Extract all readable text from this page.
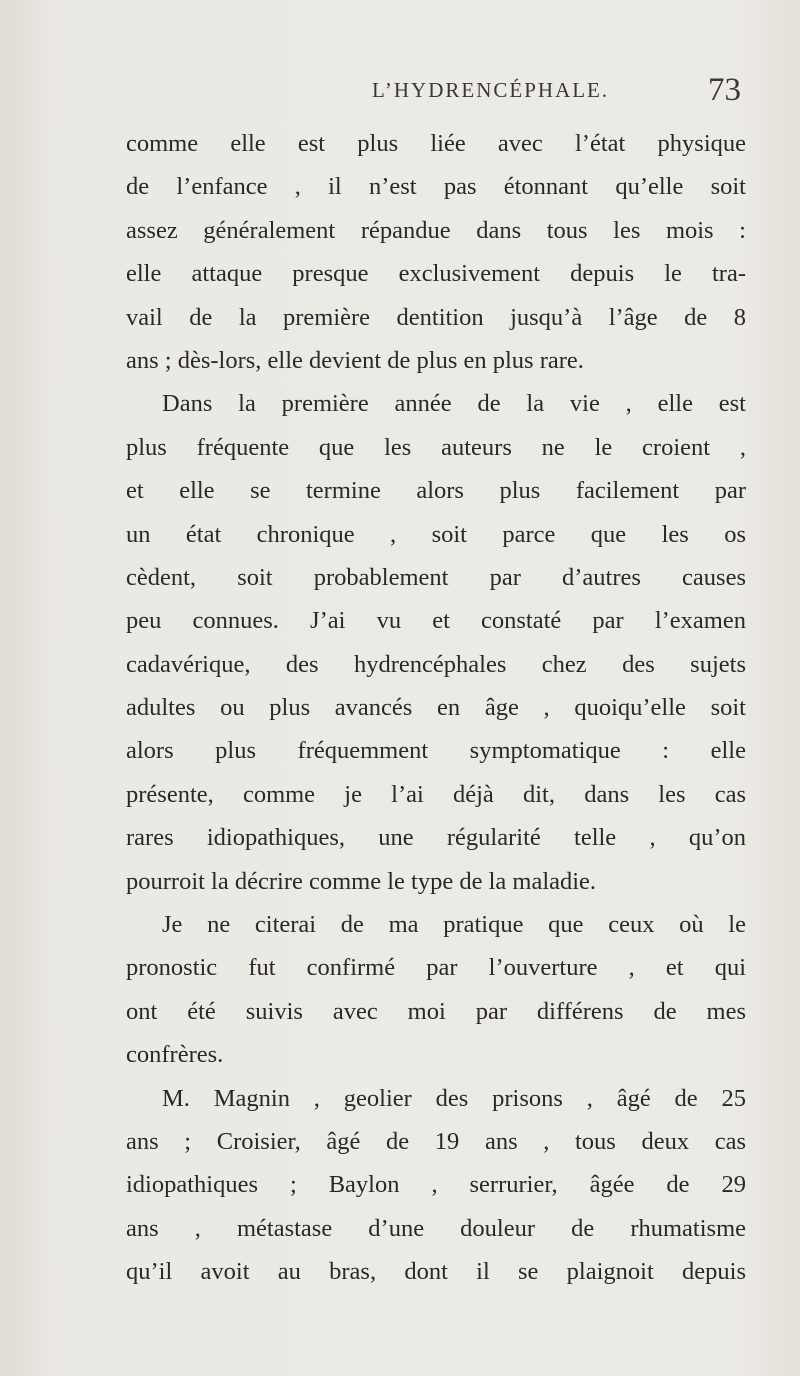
L’HYDRENCÉPHALE.	73
comme elle est plus liée avec l’état physique
de l’enfance , il n’est pas étonnant qu’elle soit
assez généralement répandue dans tous les mois :
elle attaque presque exclusivement depuis le tra-
vail de la première dentition jusqu’à l’âge de 8
ans ; dès-lors, elle devient de plus en plus rare.
Dans la première année de la vie , elle est
plus fréquente que les auteurs ne le croient ,
et elle se termine alors plus facilement par
un état chronique , soit parce que les os
cèdent, soit probablement par d’autres causes
peu connues. J’ai vu et constaté par l’examen
cadavérique, des hydrencéphales chez des sujets
adultes ou plus avancés en âge , quoiqu’elle soit
alors plus fréquemment symptomatique : elle
présente, comme je l’ai déjà dit, dans les cas
rares idiopathiques, une régularité telle , qu’on
pourroit la décrire comme le type de la maladie.
Je ne citerai de ma pratique que ceux où le
pronostic fut confirmé par l’ouverture , et qui
ont été suivis avec moi par différens de mes
confrères.
M. Magnin , geolier des prisons , âgé de 25
ans ; Croisier, âgé de 19 ans , tous deux cas
idiopathiques ; Baylon , serrurier, âgée de 29
ans , métastase d’une douleur de rhumatisme
qu’il avoit au bras, dont il se plaignoit depuis
